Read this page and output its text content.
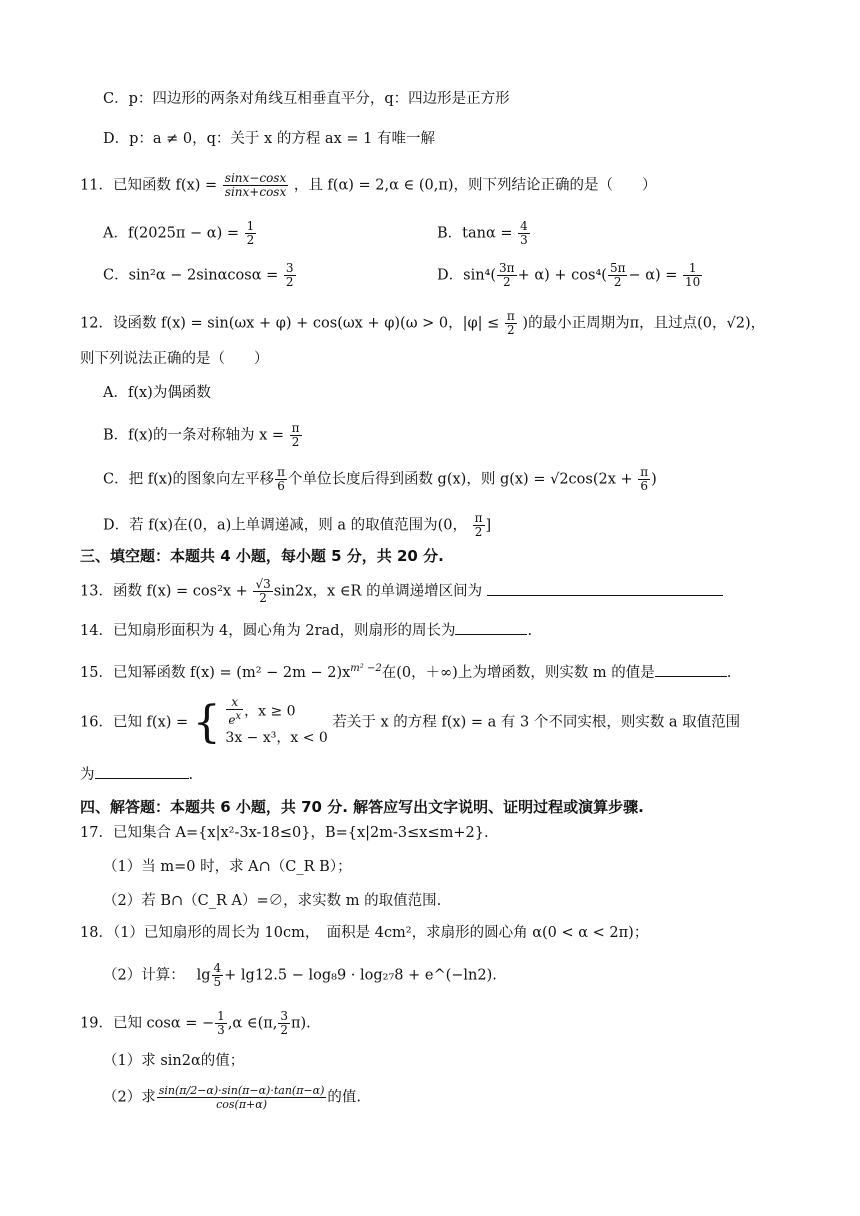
C．p：四边形的两条对角线互相垂直平分，q：四边形是正方形
D．p：a ≠ 0，q：关于 x 的方程 ax = 1 有唯一解
11．已知函数 $f(x) = \frac{\sin x-\cos x}{\sin x+\cos x}$ ，且 f(α) = 2,α ∈ (0,π)，则下列结论正确的是（　　）
A．$f(2025\pi - \alpha) = \frac{1}{2}$	B．$\tan\alpha = \frac{4}{3}$
C．$\sin^2\alpha - 2\sin\alpha\cos\alpha = \frac{3}{2}$	D．$\sin^4( \frac{3\pi}{2} + \alpha) + \cos^4( \frac{5\pi}{2} - \alpha) = \frac{1}{10}$
12．设函数 f(x) = sin(ωx + φ) + cos(ωx + φ)(ω > 0，$|\varphi| \le \frac{\pi}{2}$ )的最小正周期为π，且过点(0，√2)，
则下列说法正确的是（　　）
A．f(x)为偶函数
B．f(x)的一条对称轴为 $x = \frac{\pi}{2}$
C．把 f(x)的图象向左平移 $\frac{\pi}{6}$ 个单位长度后得到函数 g(x)，则 $g(x) = √2\cos(2x + \frac{\pi}{6}$ )
D．若 f(x)在(0，a)上单调递减，则 a 的取值范围为(0， $\frac{\pi}{2}$ ]
三、填空题：本题共 4 小题，每小题 5 分，共 20 分.
13．函数 $f(x) = \cos^2x + \frac{√3}{2} \sin 2x$，x ∈R 的单调递增区间为
14．已知扇形面积为 4，圆心角为 2rad，则扇形的周长为	.
15．已知幂函数 $f(x) = (m^2 - 2m - 2)x^{m^2 -2}$在(0，＋∞)上为增函数，则实数 m 的值是	.
16．已知 f(x) = { $\frac{x}{e^x}$ ，x ≥ 0
3x − x³，x < 0
若关于 x 的方程 f(x) = a 有 3 个不同实根，则实数 a 取值范围
为	.
四、解答题：本题共 6 小题，共 70 分. 解答应写出文字说明、证明过程或演算步骤.
17．已知集合 A={x|x²-3x-18≤0}，B={x|2m-3≤x≤m+2}.
（1）当 m=0 时，求 A∩（C_R B）；
（2）若 B∩（C_R A）=∅，求实数 m 的取值范围.
18．（1）已知扇形的周长为 10cm，　面积是 4cm²，求扇形的圆心角 α(0 < α < 2π)；
（2）计算：　 $\lg \frac{4}{5} + \lg 12.5 - \log_89 \cdot \log_{27}8$ + e^(−ln2).
19．已知 cosα = − $\frac{1}{3} ,\alpha$ ∈(π, $\frac{3}{2} \pi$).
（1）求 sin2α的值；
（2）求 $\frac{\sin(\pi/2-\alpha)\cdot\sin(\pi-\alpha)\cdot\tan(\pi-\alpha)}{\cos(\pi+\alpha)}$ 的值.
